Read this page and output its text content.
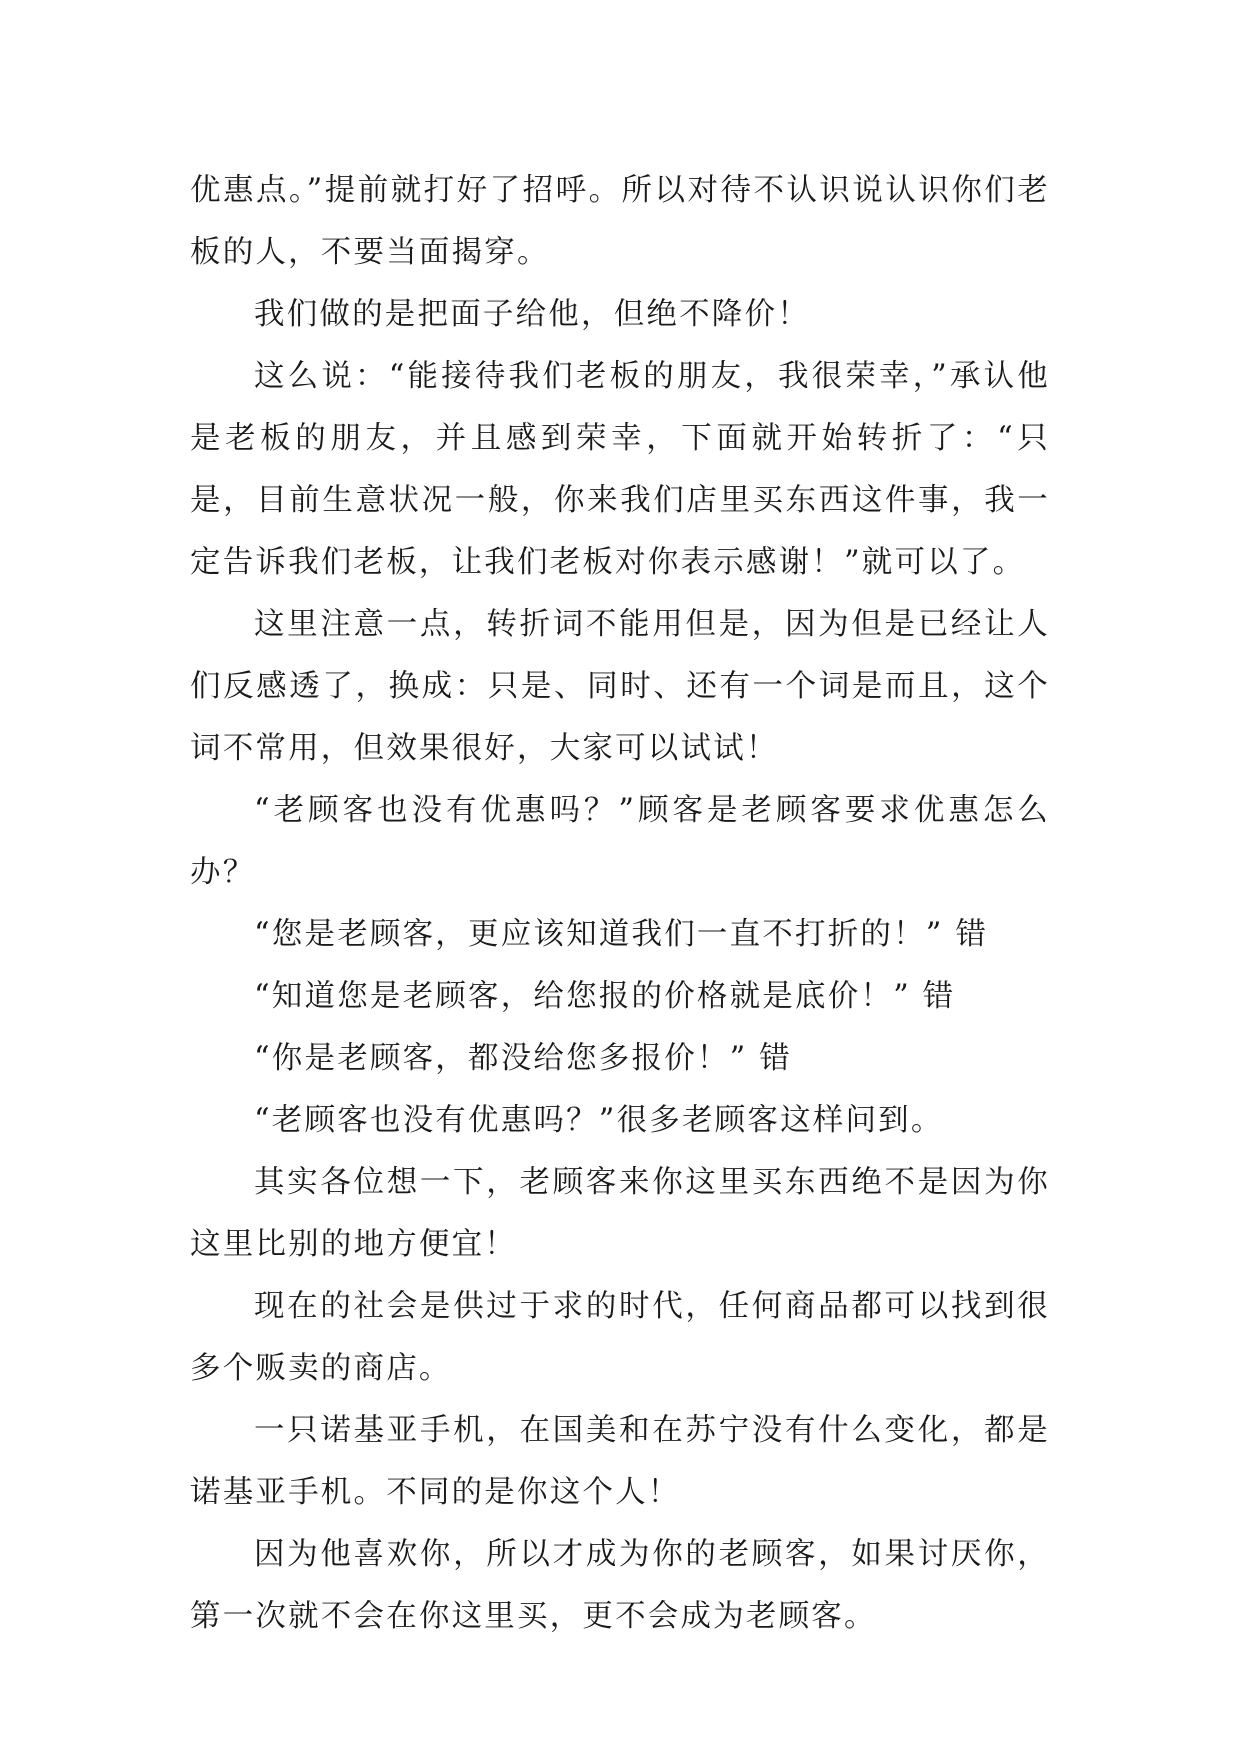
优惠点。”提前就打好了招呼。所以对待不认识说认识你们老板的人，不要当面揭穿。

我们做的是把面子给他，但绝不降价！

这么说：“能接待我们老板的朋友，我很荣幸，”承认他是老板的朋友，并且感到荣幸，下面就开始转折了：“只是，目前生意状况一般，你来我们店里买东西这件事，我一定告诉我们老板，让我们老板对你表示感谢！”就可以了。

这里注意一点，转折词不能用但是，因为但是已经让人们反感透了，换成：只是、同时、还有一个词是而且，这个词不常用，但效果很好，大家可以试试！

“老顾客也没有优惠吗？”顾客是老顾客要求优惠怎么办？

“您是老顾客，更应该知道我们一直不打折的！” 错

“知道您是老顾客，给您报的价格就是底价！” 错

“你是老顾客，都没给您多报价！” 错

“老顾客也没有优惠吗？”很多老顾客这样问到。

其实各位想一下，老顾客来你这里买东西绝不是因为你这里比别的地方便宜！

现在的社会是供过于求的时代，任何商品都可以找到很多个贩卖的商店。

一只诺基亚手机，在国美和在苏宁没有什么变化，都是诺基亚手机。不同的是你这个人！

因为他喜欢你，所以才成为你的老顾客，如果讨厌你，第一次就不会在你这里买，更不会成为老顾客。
